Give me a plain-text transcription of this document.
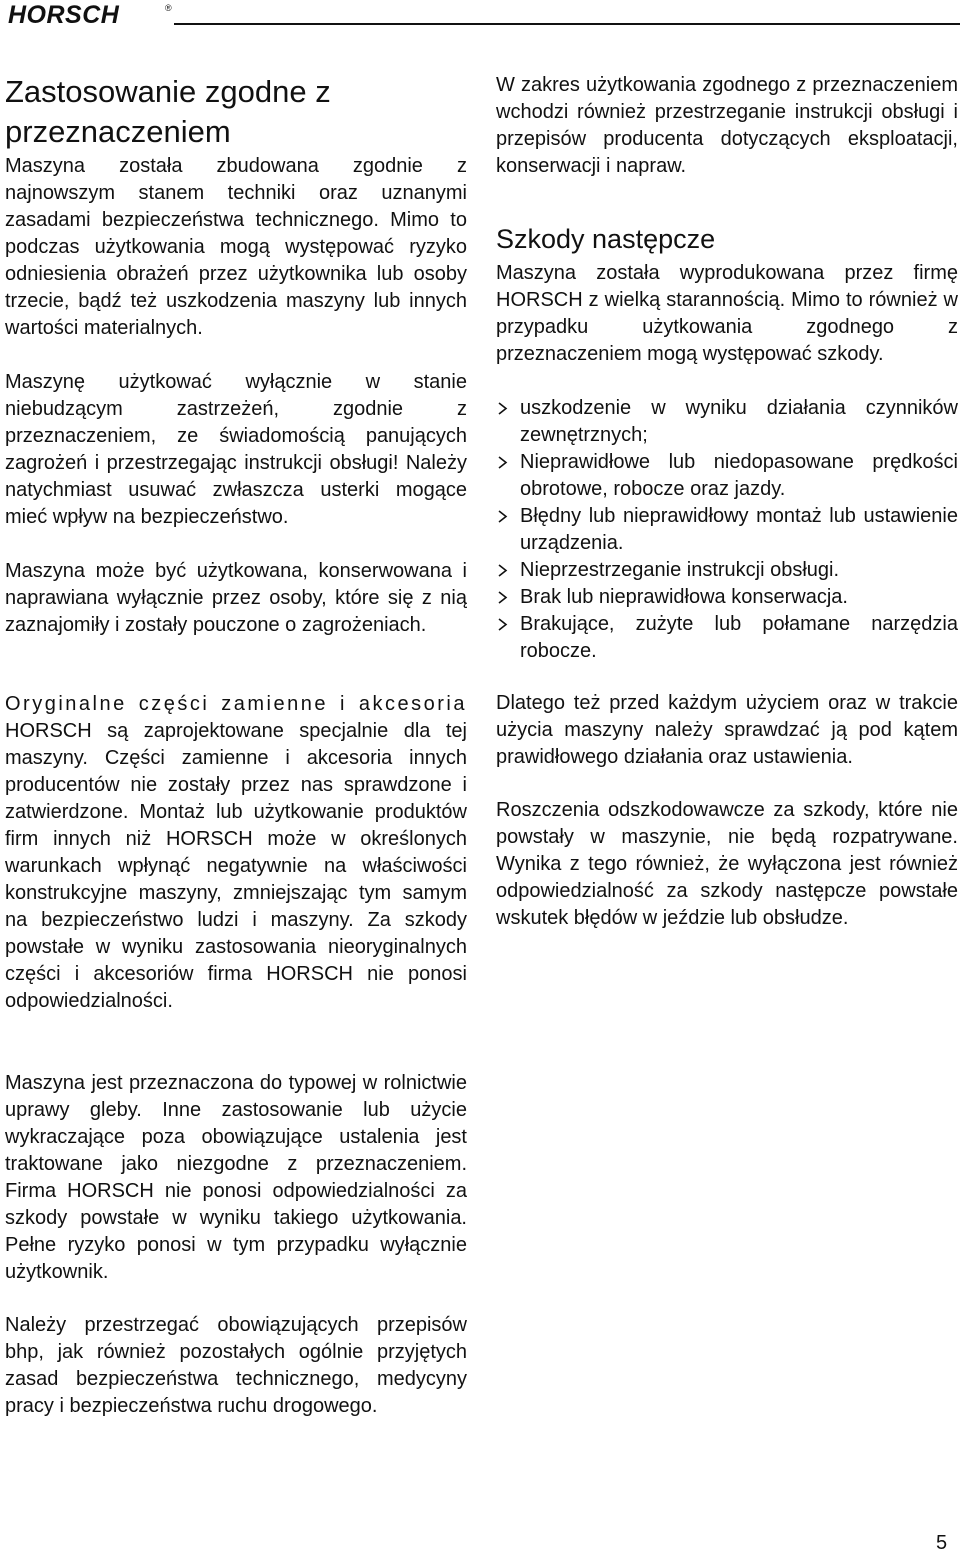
HORSCH	®
Zastosowanie zgodne z przeznaczeniem

Maszyna została zbudowana zgodnie z najnowszym stanem techniki oraz uznanymi zasadami bezpieczeństwa technicznego. Mimo to podczas użytkowania mogą występować ryzyko odniesienia obrażeń przez użytkownika lub osoby trzecie, bądź też uszkodzenia maszyny lub innych wartości materialnych.

Maszynę użytkować wyłącznie w stanie niebudzącym zastrzeżeń, zgodnie z przeznaczeniem, ze świadomością panujących zagrożeń i przestrzegając instrukcji obsługi! Należy natychmiast usuwać zwłaszcza usterki mogące mieć wpływ na bezpieczeństwo.

Maszyna może być użytkowana, konserwowana i naprawiana wyłącznie przez osoby, które się z nią zaznajomiły i zostały pouczone o zagrożeniach.

Oryginalne części zamienne i akcesoria HORSCH są zaprojektowane specjalnie dla tej maszyny. Części zamienne i akcesoria innych producentów nie zostały przez nas sprawdzone i zatwierdzone. Montaż lub użytkowanie produktów firm innych niż HORSCH może w określonych warunkach wpłynąć negatywnie na właściwości konstrukcyjne maszyny, zmniejszając tym samym na bezpieczeństwo ludzi i maszyny. Za szkody powstałe w wyniku zastosowania nieoryginalnych części i akcesoriów firma HORSCH nie ponosi odpowiedzialności.

Maszyna jest przeznaczona do typowej w rolnictwie uprawy gleby. Inne zastosowanie lub użycie wykraczające poza obowiązujące ustalenia jest traktowane jako niezgodne z przeznaczeniem. Firma HORSCH nie ponosi odpowiedzialności za szkody powstałe w wyniku takiego użytkowania. Pełne ryzyko ponosi w tym przypadku wyłącznie użytkownik.

Należy przestrzegać obowiązujących przepisów bhp, jak również pozostałych ogólnie przyjętych zasad bezpieczeństwa technicznego, medycyny pracy i bezpieczeństwa ruchu drogowego.

W zakres użytkowania zgodnego z przeznaczeniem wchodzi również przestrzeganie instrukcji obsługi i przepisów producenta dotyczących eksploatacji, konserwacji i napraw.

Szkody następcze

Maszyna została wyprodukowana przez firmę HORSCH z wielką starannością. Mimo to również w przypadku użytkowania zgodnego z przeznaczeniem mogą występować szkody.

uszkodzenie w wyniku działania czynników zewnętrznych;
Nieprawidłowe lub niedopasowane prędkości obrotowe, robocze oraz jazdy.
Błędny lub nieprawidłowy montaż lub ustawienie urządzenia.
Nieprzestrzeganie instrukcji obsługi.
Brak lub nieprawidłowa konserwacja.
Brakujące, zużyte lub połamane narzędzia robocze.

Dlatego też przed każdym użyciem oraz w trakcie użycia maszyny należy sprawdzać ją pod kątem prawidłowego działania oraz ustawienia.

Roszczenia odszkodowawcze za szkody, które nie powstały w maszynie, nie będą rozpatrywane. Wynika z tego również, że wyłączona jest również odpowiedzialność za szkody następcze powstałe wskutek błędów w jeździe lub obsłudze.

5
